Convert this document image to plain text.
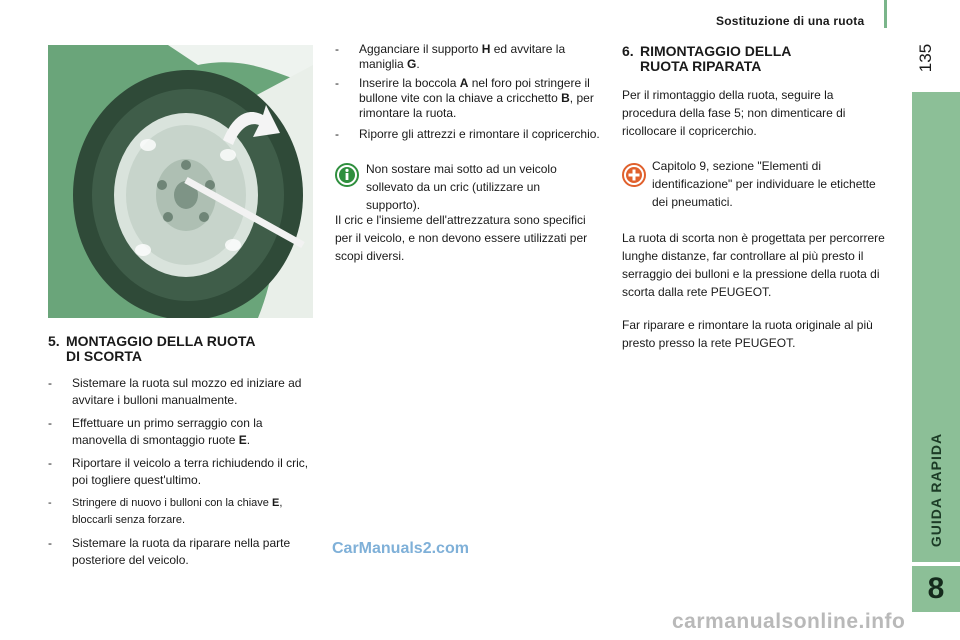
Sostituzione di una ruota
135
GUIDA RAPIDA
8
5. MONTAGGIO DELLA RUOTA
DI SCORTA
- Sistemare la ruota sul mozzo ed iniziare ad avvitare i bulloni manualmente.
- Effettuare un primo serraggio con la manovella di smontaggio ruote E.
- Riportare il veicolo a terra richiudendo il cric, poi togliere quest'ultimo.
- Stringere di nuovo i bulloni con la chiave E, bloccarli senza forzare.
- Sistemare la ruota da riparare nella parte posteriore del veicolo.
- Agganciare il supporto H ed avvitare la maniglia G.
- Inserire la boccola A nel foro poi stringere il bullone vite con la chiave a cricchetto B, per rimontare la ruota.
- Riporre gli attrezzi e rimontare il copricerchio.
Non sostare mai sotto ad un veicolo sollevato da un cric (utilizzare un supporto).
Il cric e l'insieme dell'attrezzatura sono specifici per il veicolo, e non devono essere utilizzati per scopi diversi.
6. RIMONTAGGIO DELLA
RUOTA RIPARATA
Per il rimontaggio della ruota, seguire la procedura della fase 5; non dimenticare di ricollocare il copricerchio.
Capitolo 9, sezione "Elementi di identificazione" per individuare le etichette dei pneumatici.
La ruota di scorta non è progettata per percorrere lunghe distanze, far controllare al più presto il serraggio dei bulloni e la pressione della ruota di scorta dalla rete PEUGEOT.
Far riparare e rimontare la ruota originale al più presto presso la rete PEUGEOT.
CarManuals2.com
carmanualsonline.info
